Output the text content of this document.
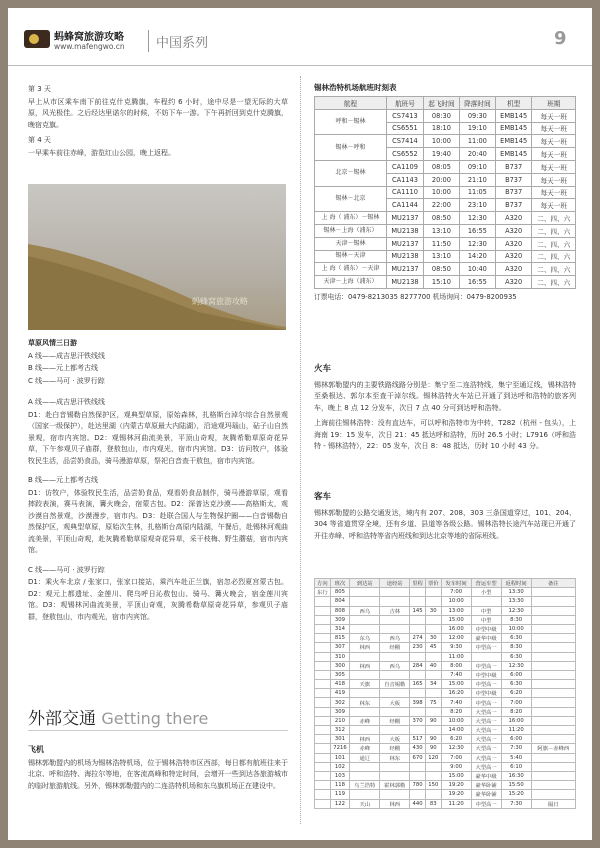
蚂蜂窝旅游攻略
www.mafengwo.cn 中国系列	9

第 3 天

早上从市区乘车南下前往克什克腾旗，车程约 6 小时，途中尽是一望无际的大草原，风光极佳。之后经达里诺尔的时候，不妨下车一游。下午再折回到克什克腾旗，晚宿克旗。

第 4 天

一早乘车前往赤峰，游览红山公园，晚上返程。

蚂蜂窝旅游攻略

草原风情三日游

A 线——成吉思汗铁线线

B 线——元上都考古线

C 线——马可 · 波罗行踪

A 线——成吉思汗铁线线

D1：赴白音锡勒自然保护区，观典型草原，原始森林，扎格斯台淖尔综合自然景观（国家一级保护），赴达里湖（内蒙古草原最大内陆湖），沿途观玛瑙山，砧子山自然景观，宿市内宾馆。D2：观锡林河曲流美景，平顶山奇观，灰腾希勒草原奇花异草，下午参观贝子庙群，登敖包山，市内观光，宿市内宾馆。D3：访问牧户，体验牧民生活，品尝奶食品，骑马漫游草原，祭祀白音查干敖包，宿市内宾馆。

B 线——元上都考古线

D1：访牧户，体验牧民生活，品尝奶食品，观看奶食品制作，骑马漫游草原，观看摔跤表演，赛马表演，篝火晚会，宿蒙古包。D2：深普达克沙漠——高格斯太，观沙漠自然景观，沙漠漫步，宿市内。D3：赴联合国人与生物保护圈——白音锡勒自然保护区，观典型草原，原始次生林，扎格斯台高原内陆湖，午餐后，赴锡林河观曲流美景，平顶山奇观，赴灰腾希勒草原观奇花异草，采干枝梅、野生蘑菇，宿市内宾馆。

C 线——马可 · 波罗行踪

D1：乘火车北京 / 张家口，张家口接站，乘汽车赴正兰旗，宿忽必烈夏宫蒙古包。D2：观元上都遗址、金莲川、爬乌呼日沁敖包山、骑马、篝火晚会，宿金莲川宾馆。D3：观锡林河曲流美景，平顶山奇观，灰腾希勒草原奇花异草，参观贝子庙群，登敖包山，市内观光，宿市内宾馆。

外部交通 Getting there

飞机

锡林郭勒盟内的机场为锡林浩特机场，位于锡林浩特市区西部，每日都有航班往来于北京、呼和浩特、海拉尔等地，在客流高峰和特定时间，会增开一些到达各旅游城市的临时旅游航线。另外，锡林郭勒盟内的二连浩特机场和东乌旗机场正在建设中。

锡林浩特机场航班时刻表
航程	航班号	起飞时间	降落时间	机型	班期
呼和－锡林	CS7413	08:30	09:30	EMB145	每天一班
	CS6551	18:10	19:10	EMB145	每天一班
锡林－呼和	CS7414	10:00	11:00	EMB145	每天一班
	CS6552	19:40	20:40	EMB145	每天一班
北京－锡林	CA1109	08:05	09:10	B737	每天一班
	CA1143	20:00	21:10	B737	每天一班
锡林－北京	CA1110	10:00	11:05	B737	每天一班
	CA1144	22:00	23:10	B737	每天一班
上 海（ 浦东）－锡林	MU2137	08:50	12:30	A320	二、四、六
锡林－上海（浦东）	MU2138	13:10	16:55	A320	二、四、六
天津－锡林	MU2137	11:50	12:30	A320	二、四、六
锡林－天津	MU2138	13:10	14:20	A320	二、四、六
上 海（ 浦东）－天津	MU2137	08:50	10:40	A320	二、四、六
天津－上海（浦东）	MU2138	15:10	16:55	A320	二、四、六
订票电话：0479-8213035 8277700 机场询问：0479-8200935

火车

锡林郭勒盟内的主要铁路线路分别是：集宁至二连浩特线，集宁至通辽线，锡林浩特至桑根达、郭尔本至查干淖尔线。锡林浩特火车站已开通了到达呼和浩特的旅客列车，晚上 8 点 12 分发车，次日 7 点 40 分可到达呼和浩特。

上海前往锡林浩特：没有直达车，可以呼和浩特市为中转，T282（杭州 - 包头），上海南 19：15 发车，次日 21：45 抵达呼和浩特，历时 26.5 小时；L7916（呼和浩特 - 锡林浩特），22：05 发车，次日 8：48 抵达，历时 10 小时 43 分。

客车

锡林郭勒盟的公路交通发达，境内有 207、208、303 三条国道穿过，101、204、304 等省道贯穿全境，还有乡道、县道等各级公路。锡林浩特长途汽车站现已开通了开往赤峰、呼和浩特等省内班线和到达北京等地的省际班线。

方向	班次	到达站	途经站	里程	票价	发车时间	营运车型	返程时间	备注
东行	805					7:00	小型	13:30	
	804					10:00		13:30	
	808	西乌	吉林	145	30	13:00	中型	12:30	
	309					15:00	中型	8:30	
	314					16:00	中型中级	10:00	
	815	东乌	西乌	274	30	12:00	豪华中级	6:30	
	307	林西	经棚	230	45	9:30	中型高一	8:30	
	310					11:00		6:30	
	300	林西	西乌	284	40	8:00	中型高一	12:30	
	305					7:40	中型中级	6:00	
	418	天旗	自音锡勒	165	34	15:00	中型高一	6:30	
	419					16:20	中型中级	6:20	
	302	林东	大板	398	75	7:40	中型高一	7:00	
	309					8:20	大型高一	8:20	
	210	赤峰	经棚	370	90	10:00	大型高一	16:00	
	312					14:00	大型高一	11:20	
	301	林西	大板	517	90	6:20	大型高一	6:00	
	7216	赤峰	经棚	430	90	12:30	大型高一	7:30	阿旗－赤峰西
	101	通辽	林东	670	120	7:00	大型高一	5:40	
	102					9:00	大型高一	6:10	
	103					15:00	豪华中级	16:30	
	118	乌兰浩特	霍林郭勒	780	150	19:20	豪华卧铺	15:50	
	119					19:20	豪华卧铺	15:20	
	122	天山	林西	440	83	11:20	中型高一	7:30	隔日
